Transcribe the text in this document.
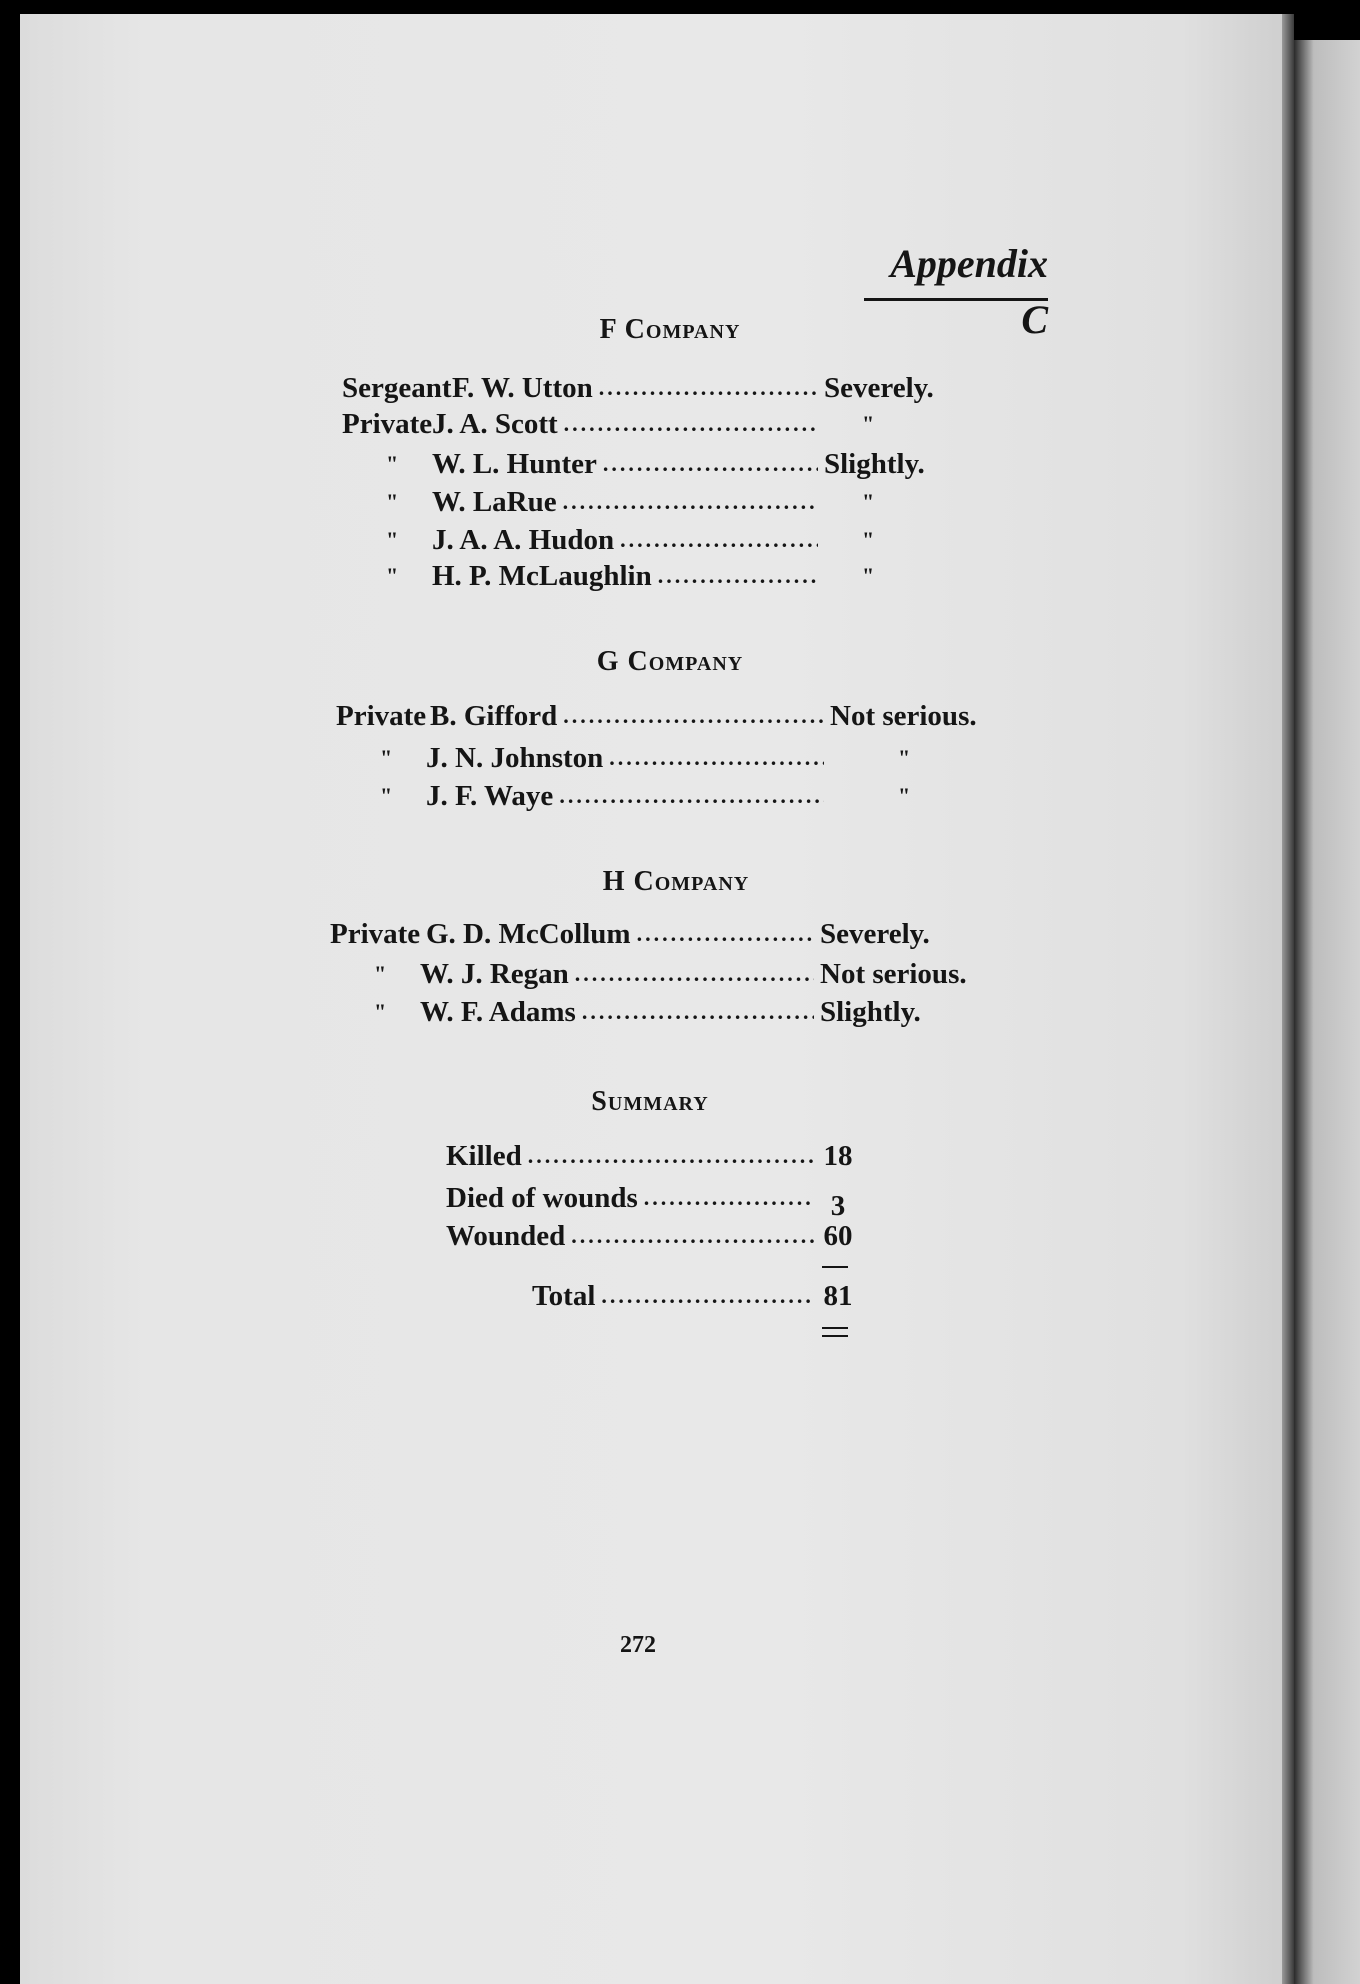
Appendix C
F Company
Sergeant F. W. Utton .....	Severely.
Private J. A. Scott .....	"
"	W. L. Hunter .....	Slightly.
"	W. LaRue .....	"
"	J. A. A. Hudon .....	"
"	H. P. McLaughlin .....	"
G Company
Private B. Gifford .....	Not serious.
"	J. N. Johnston .....	"
"	J. F. Waye .....	"
H Company
Private G. D. McCollum .....	Severely.
"	W. J. Regan .....	Not serious.
"	W. F. Adams .....	Slightly.
Summary
Killed .....	18
Died of wounds .....	3
Wounded .....	60
Total .....	81
272
